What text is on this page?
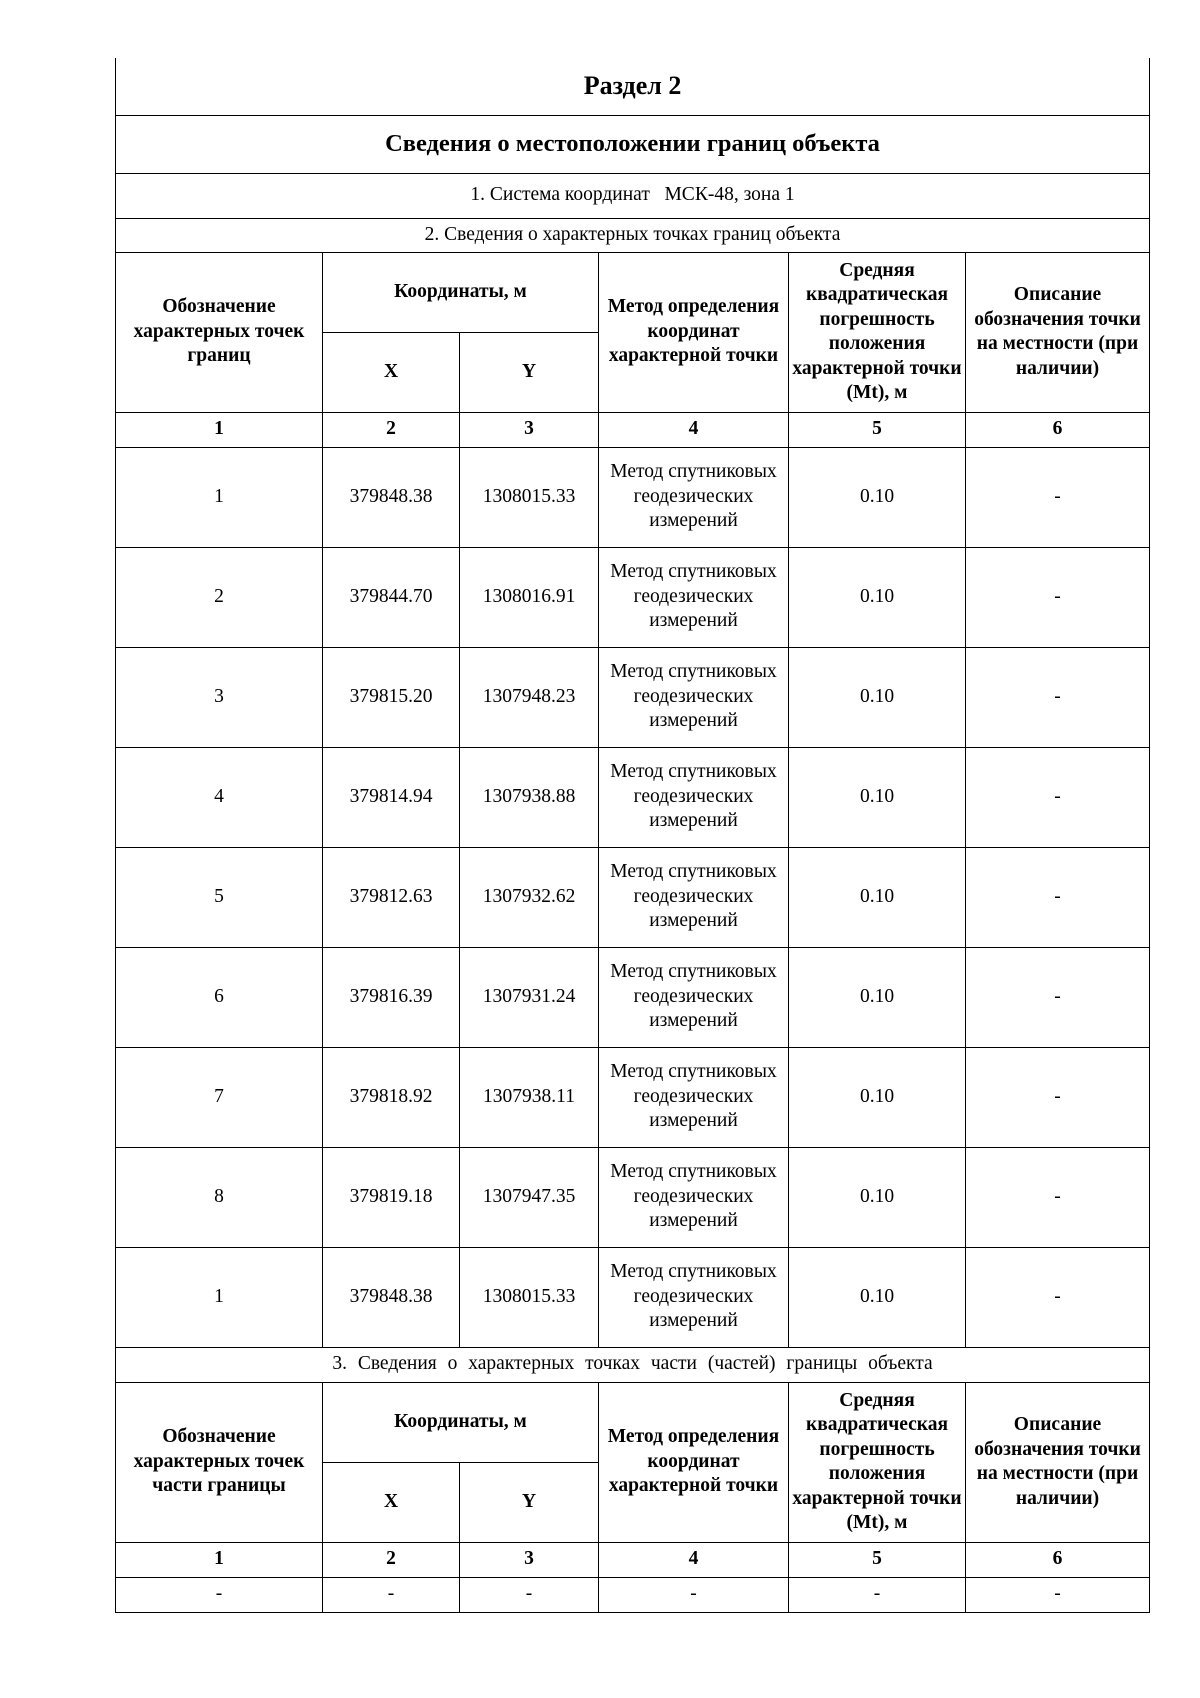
Раздел 2					
Сведения о местоположении границ объекта					
1. Система координат МСК-48, зона 1					
2. Сведения о характерных точках границ объекта					
Обозначение характерных точек границ	Координаты, м		Метод определения координат характерной точки	Средняя квадратическая погрешность положения характерной точки (Mt), м	Описание обозначения точки на местности (при наличии)
	X	Y			
1	2	3	4	5	6
1	379848.38	1308015.33	Метод спутниковых геодезических измерений	0.10	-
2	379844.70	1308016.91	Метод спутниковых геодезических измерений	0.10	-
3	379815.20	1307948.23	Метод спутниковых геодезических измерений	0.10	-
4	379814.94	1307938.88	Метод спутниковых геодезических измерений	0.10	-
5	379812.63	1307932.62	Метод спутниковых геодезических измерений	0.10	-
6	379816.39	1307931.24	Метод спутниковых геодезических измерений	0.10	-
7	379818.92	1307938.11	Метод спутниковых геодезических измерений	0.10	-
8	379819.18	1307947.35	Метод спутниковых геодезических измерений	0.10	-
1	379848.38	1308015.33	Метод спутниковых геодезических измерений	0.10	-
3. Сведения о характерных точках части (частей) границы объекта					
Обозначение характерных точек части границы	Координаты, м		Метод определения координат характерной точки	Средняя квадратическая погрешность положения характерной точки (Mt), м	Описание обозначения точки на местности (при наличии)
	X	Y			
1	2	3	4	5	6
-	-	-	-	-	-
